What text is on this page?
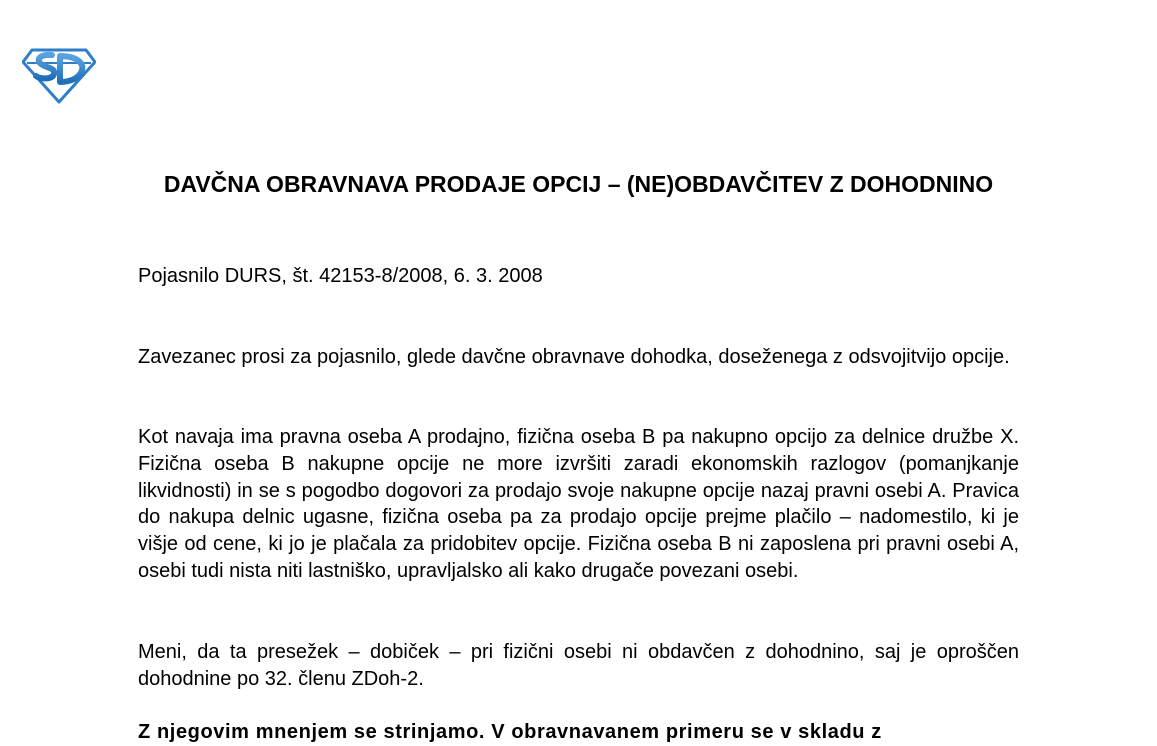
DAVČNA OBRAVNAVA PRODAJE OPCIJ – (NE)OBDAVČITEV Z DOHODNINO

Pojasnilo DURS, št. 42153-8/2008, 6. 3. 2008

Zavezanec prosi za pojasnilo, glede davčne obravnave dohodka, doseženega z odsvojitvijo opcije.

Kot navaja ima pravna oseba A prodajno, fizična oseba B pa nakupno opcijo za delnice družbe X. Fizična oseba B nakupne opcije ne more izvršiti zaradi ekonomskih razlogov (pomanjkanje likvidnosti) in se s pogodbo dogovori za prodajo svoje nakupne opcije nazaj pravni osebi A. Pravica do nakupa delnic ugasne, fizična oseba pa za prodajo opcije prejme plačilo – nadomestilo, ki je višje od cene, ki jo je plačala za pridobitev opcije. Fizična oseba B ni zaposlena pri pravni osebi A, osebi tudi nista niti lastniško, upravljalsko ali kako drugače povezani osebi.

Meni, da ta presežek – dobiček – pri fizični osebi ni obdavčen z dohodnino, saj je oproščen dohodnine po 32. členu ZDoh-2.

Z njegovim mnenjem se strinjamo. V obravnavanem primeru se v skladu z
